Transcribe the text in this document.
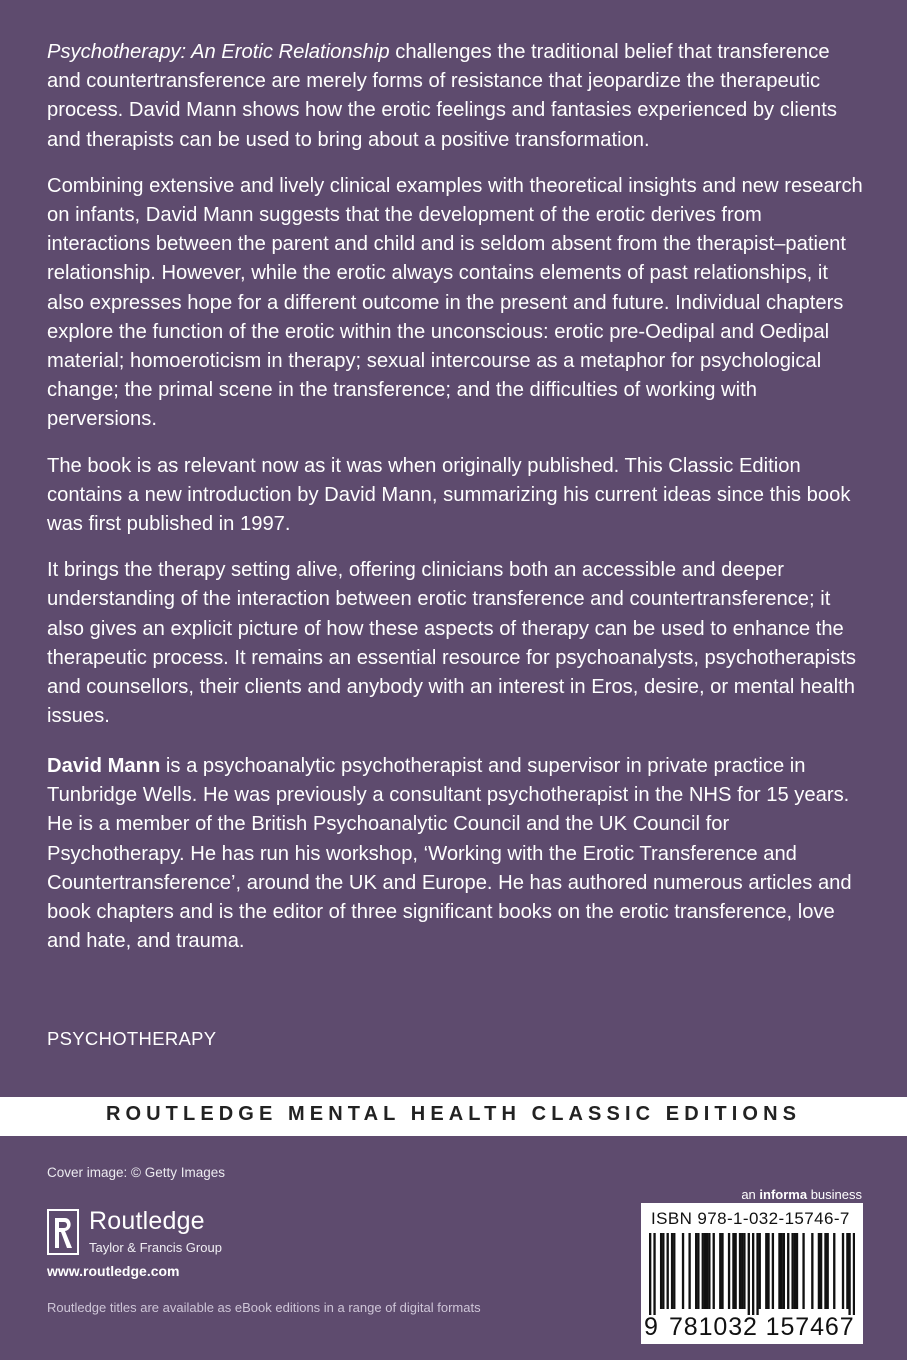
Psychotherapy: An Erotic Relationship challenges the traditional belief that transference and countertransference are merely forms of resistance that jeopardize the therapeutic process. David Mann shows how the erotic feelings and fantasies experienced by clients and therapists can be used to bring about a positive transformation.

Combining extensive and lively clinical examples with theoretical insights and new research on infants, David Mann suggests that the development of the erotic derives from interactions between the parent and child and is seldom absent from the therapist–patient relationship. However, while the erotic always contains elements of past relationships, it also expresses hope for a different outcome in the present and future. Individual chapters explore the function of the erotic within the unconscious: erotic pre-Oedipal and Oedipal material; homoeroticism in therapy; sexual intercourse as a metaphor for psychological change; the primal scene in the transference; and the difficulties of working with perversions.

The book is as relevant now as it was when originally published. This Classic Edition contains a new introduction by David Mann, summarizing his current ideas since this book was first published in 1997.

It brings the therapy setting alive, offering clinicians both an accessible and deeper understanding of the interaction between erotic transference and countertransference; it also gives an explicit picture of how these aspects of therapy can be used to enhance the therapeutic process. It remains an essential resource for psychoanalysts, psychotherapists and counsellors, their clients and anybody with an interest in Eros, desire, or mental health issues.

David Mann is a psychoanalytic psychotherapist and supervisor in private practice in Tunbridge Wells. He was previously a consultant psychotherapist in the NHS for 15 years. He is a member of the British Psychoanalytic Council and the UK Council for Psychotherapy. He has run his workshop, ‘Working with the Erotic Transference and Countertransference’, around the UK and Europe. He has authored numerous articles and book chapters and is the editor of three significant books on the erotic transference, love and hate, and trauma.

PSYCHOTHERAPY
ROUTLEDGE MENTAL HEALTH CLASSIC EDITIONS
Cover image: © Getty Images
Routledge
Taylor & Francis Group
www.routledge.com
Routledge titles are available as eBook editions in a range of digital formats
an informa business
ISBN 978-1-032-15746-7
9 781032 157467
